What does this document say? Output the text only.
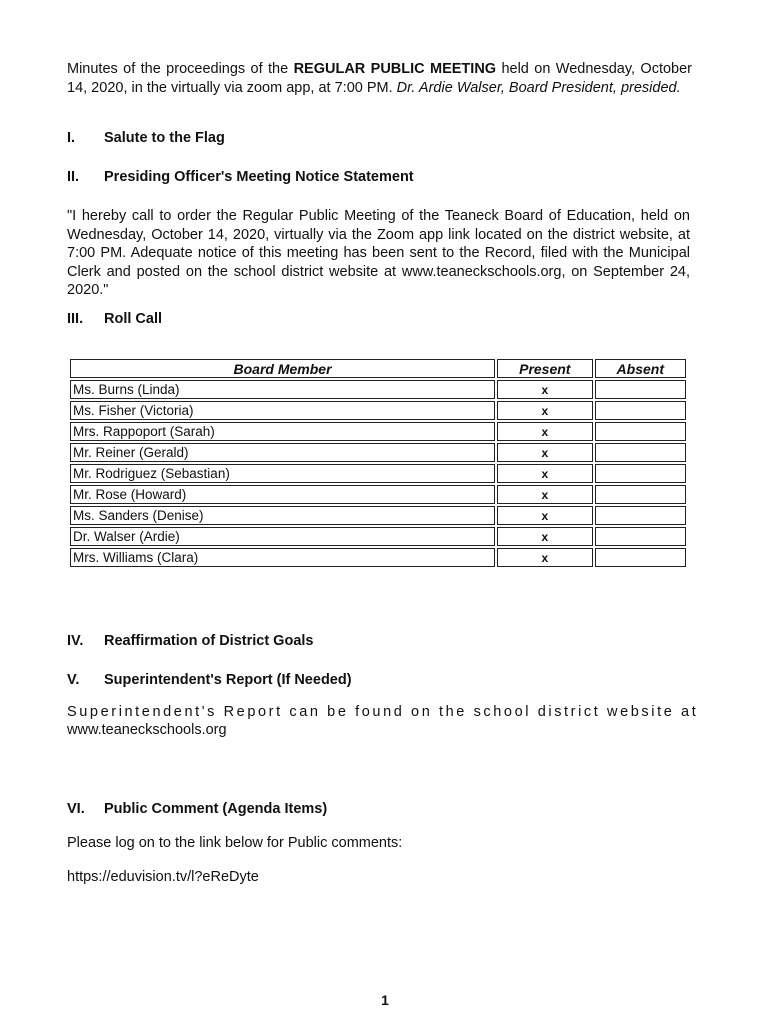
Minutes of the proceedings of the REGULAR PUBLIC MEETING held on Wednesday, October 14, 2020, in the virtually via zoom app, at 7:00 PM. Dr. Ardie Walser, Board President, presided.

I.	Salute to the Flag
II.	Presiding Officer's Meeting Notice Statement

"I hereby call to order the Regular Public Meeting of the Teaneck Board of Education, held on Wednesday, October 14, 2020, virtually via the Zoom app link located on the district website, at 7:00 PM. Adequate notice of this meeting has been sent to the Record, filed with the Municipal Clerk and posted on the school district website at www.teaneckschools.org, on September 24, 2020."

III.	Roll Call
Board Member	Present	Absent
Ms. Burns (Linda)	x	
Ms. Fisher (Victoria)	x	
Mrs. Rappoport (Sarah)	x	
Mr. Reiner (Gerald)	x	
Mr. Rodriguez (Sebastian)	x	
Mr. Rose (Howard)	x	
Ms. Sanders (Denise)	x	
Dr. Walser (Ardie)	x	
Mrs. Williams (Clara)	x	
IV.	Reaffirmation of District Goals
V.	Superintendent's Report (If Needed)

Superintendent's Report can be found on the school district website at

www.teaneckschools.org

VI.	Public Comment (Agenda Items)

Please log on to the link below for Public comments:

https://eduvision.tv/l?eReDyte

1
